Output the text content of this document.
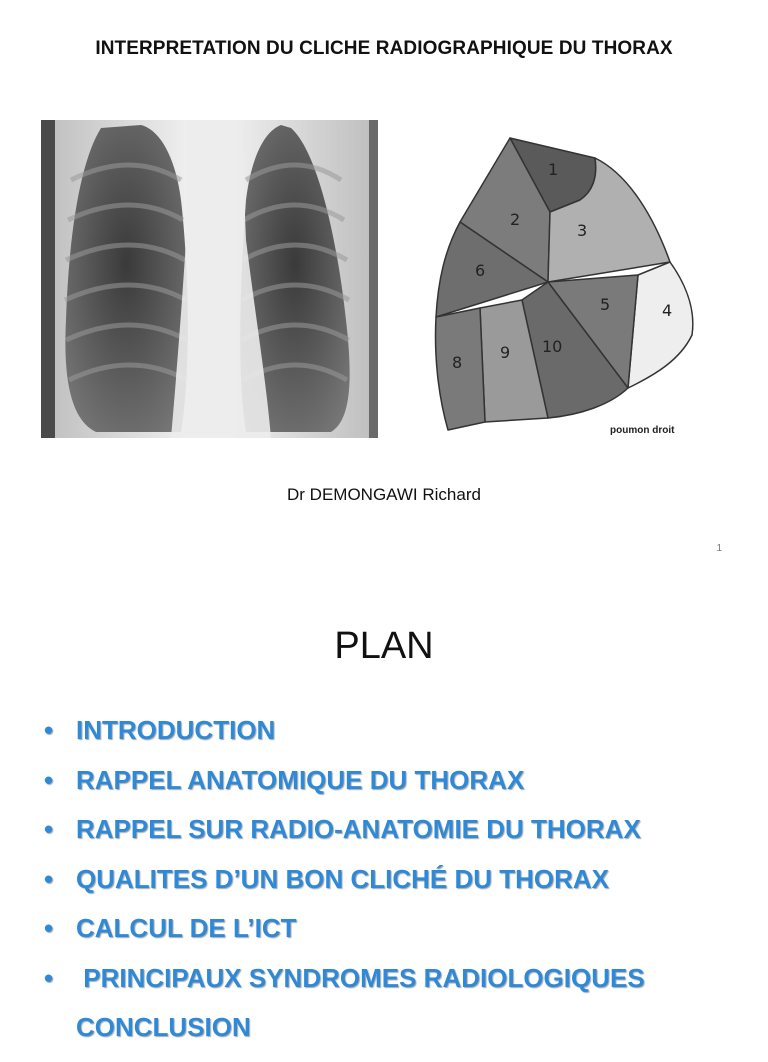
INTERPRETATION DU CLICHE RADIOGRAPHIQUE DU THORAX
1
2
3
4
5
6
8
9 10
poumon droit
Dr DEMONGAWI Richard
1
PLAN
• INTRODUCTION
• RAPPEL ANATOMIQUE DU THORAX
• RAPPEL SUR RADIO-ANATOMIE DU THORAX
• QUALITES D’UN BON CLICHÉ DU THORAX
• CALCUL DE L’ICT
• PRINCIPAUX SYNDROMES RADIOLOGIQUES
CONCLUSION
